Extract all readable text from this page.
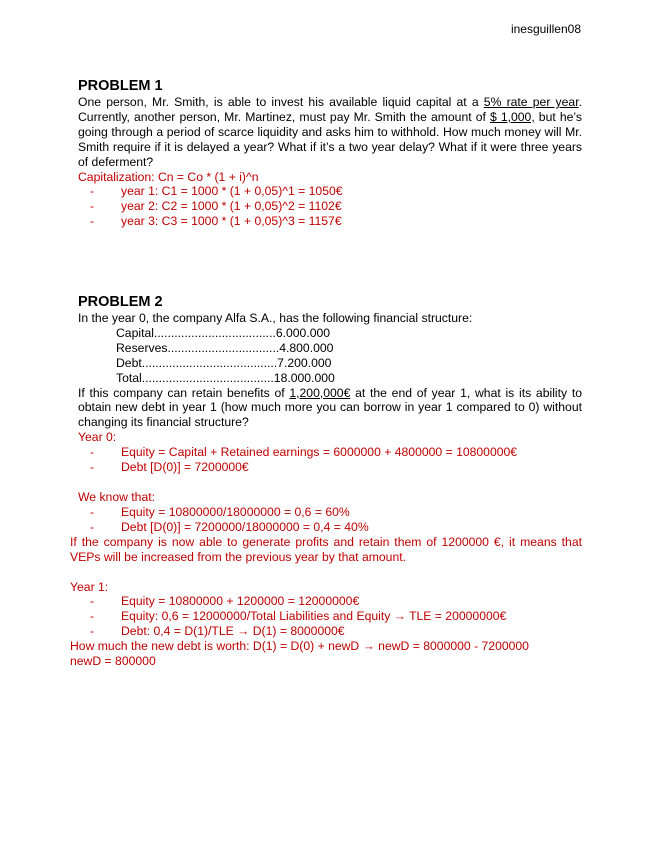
inesguillen08
PROBLEM 1
One person, Mr. Smith, is able to invest his available liquid capital at a 5% rate per year. Currently, another person, Mr. Martinez, must pay Mr. Smith the amount of $ 1,000, but he’s going through a period of scarce liquidity and asks him to withhold. How much money will Mr. Smith require if it is delayed a year? What if it’s a two year delay? What if it were three years of deferment?
Capitalization: Cn = Co * (1 + i)^n
- year 1: C1 = 1000 * (1 + 0,05)^1 = 1050€
- year 2: C2 = 1000 * (1 + 0,05)^2 = 1102€
- year 3: C3 = 1000 * (1 + 0,05)^3 = 1157€
PROBLEM 2
In the year 0, the company Alfa S.A., has the following financial structure:
Capital....................................6.000.000
Reserves.................................4.800.000
Debt........................................7.200.000
Total.......................................18.000.000
If this company can retain benefits of 1,200,000€ at the end of year 1, what is its ability to obtain new debt in year 1 (how much more you can borrow in year 1 compared to 0) without changing its financial structure?
Year 0:
- Equity = Capital + Retained earnings = 6000000 + 4800000 = 10800000€
- Debt [D(0)] = 7200000€
We know that:
- Equity = 10800000/18000000 = 0,6 = 60%
- Debt [D(0)] = 7200000/18000000 = 0,4 = 40%
If the company is now able to generate profits and retain them of 1200000 €, it means that VEPs will be increased from the previous year by that amount.
Year 1:
- Equity = 10800000 + 1200000 = 12000000€
- Equity: 0,6 = 12000000/Total Liabilities and Equity → TLE = 20000000€
- Debt: 0,4 = D(1)/TLE → D(1) = 8000000€
How much the new debt is worth: D(1) = D(0) + newD → newD = 8000000 - 7200000
newD = 800000
